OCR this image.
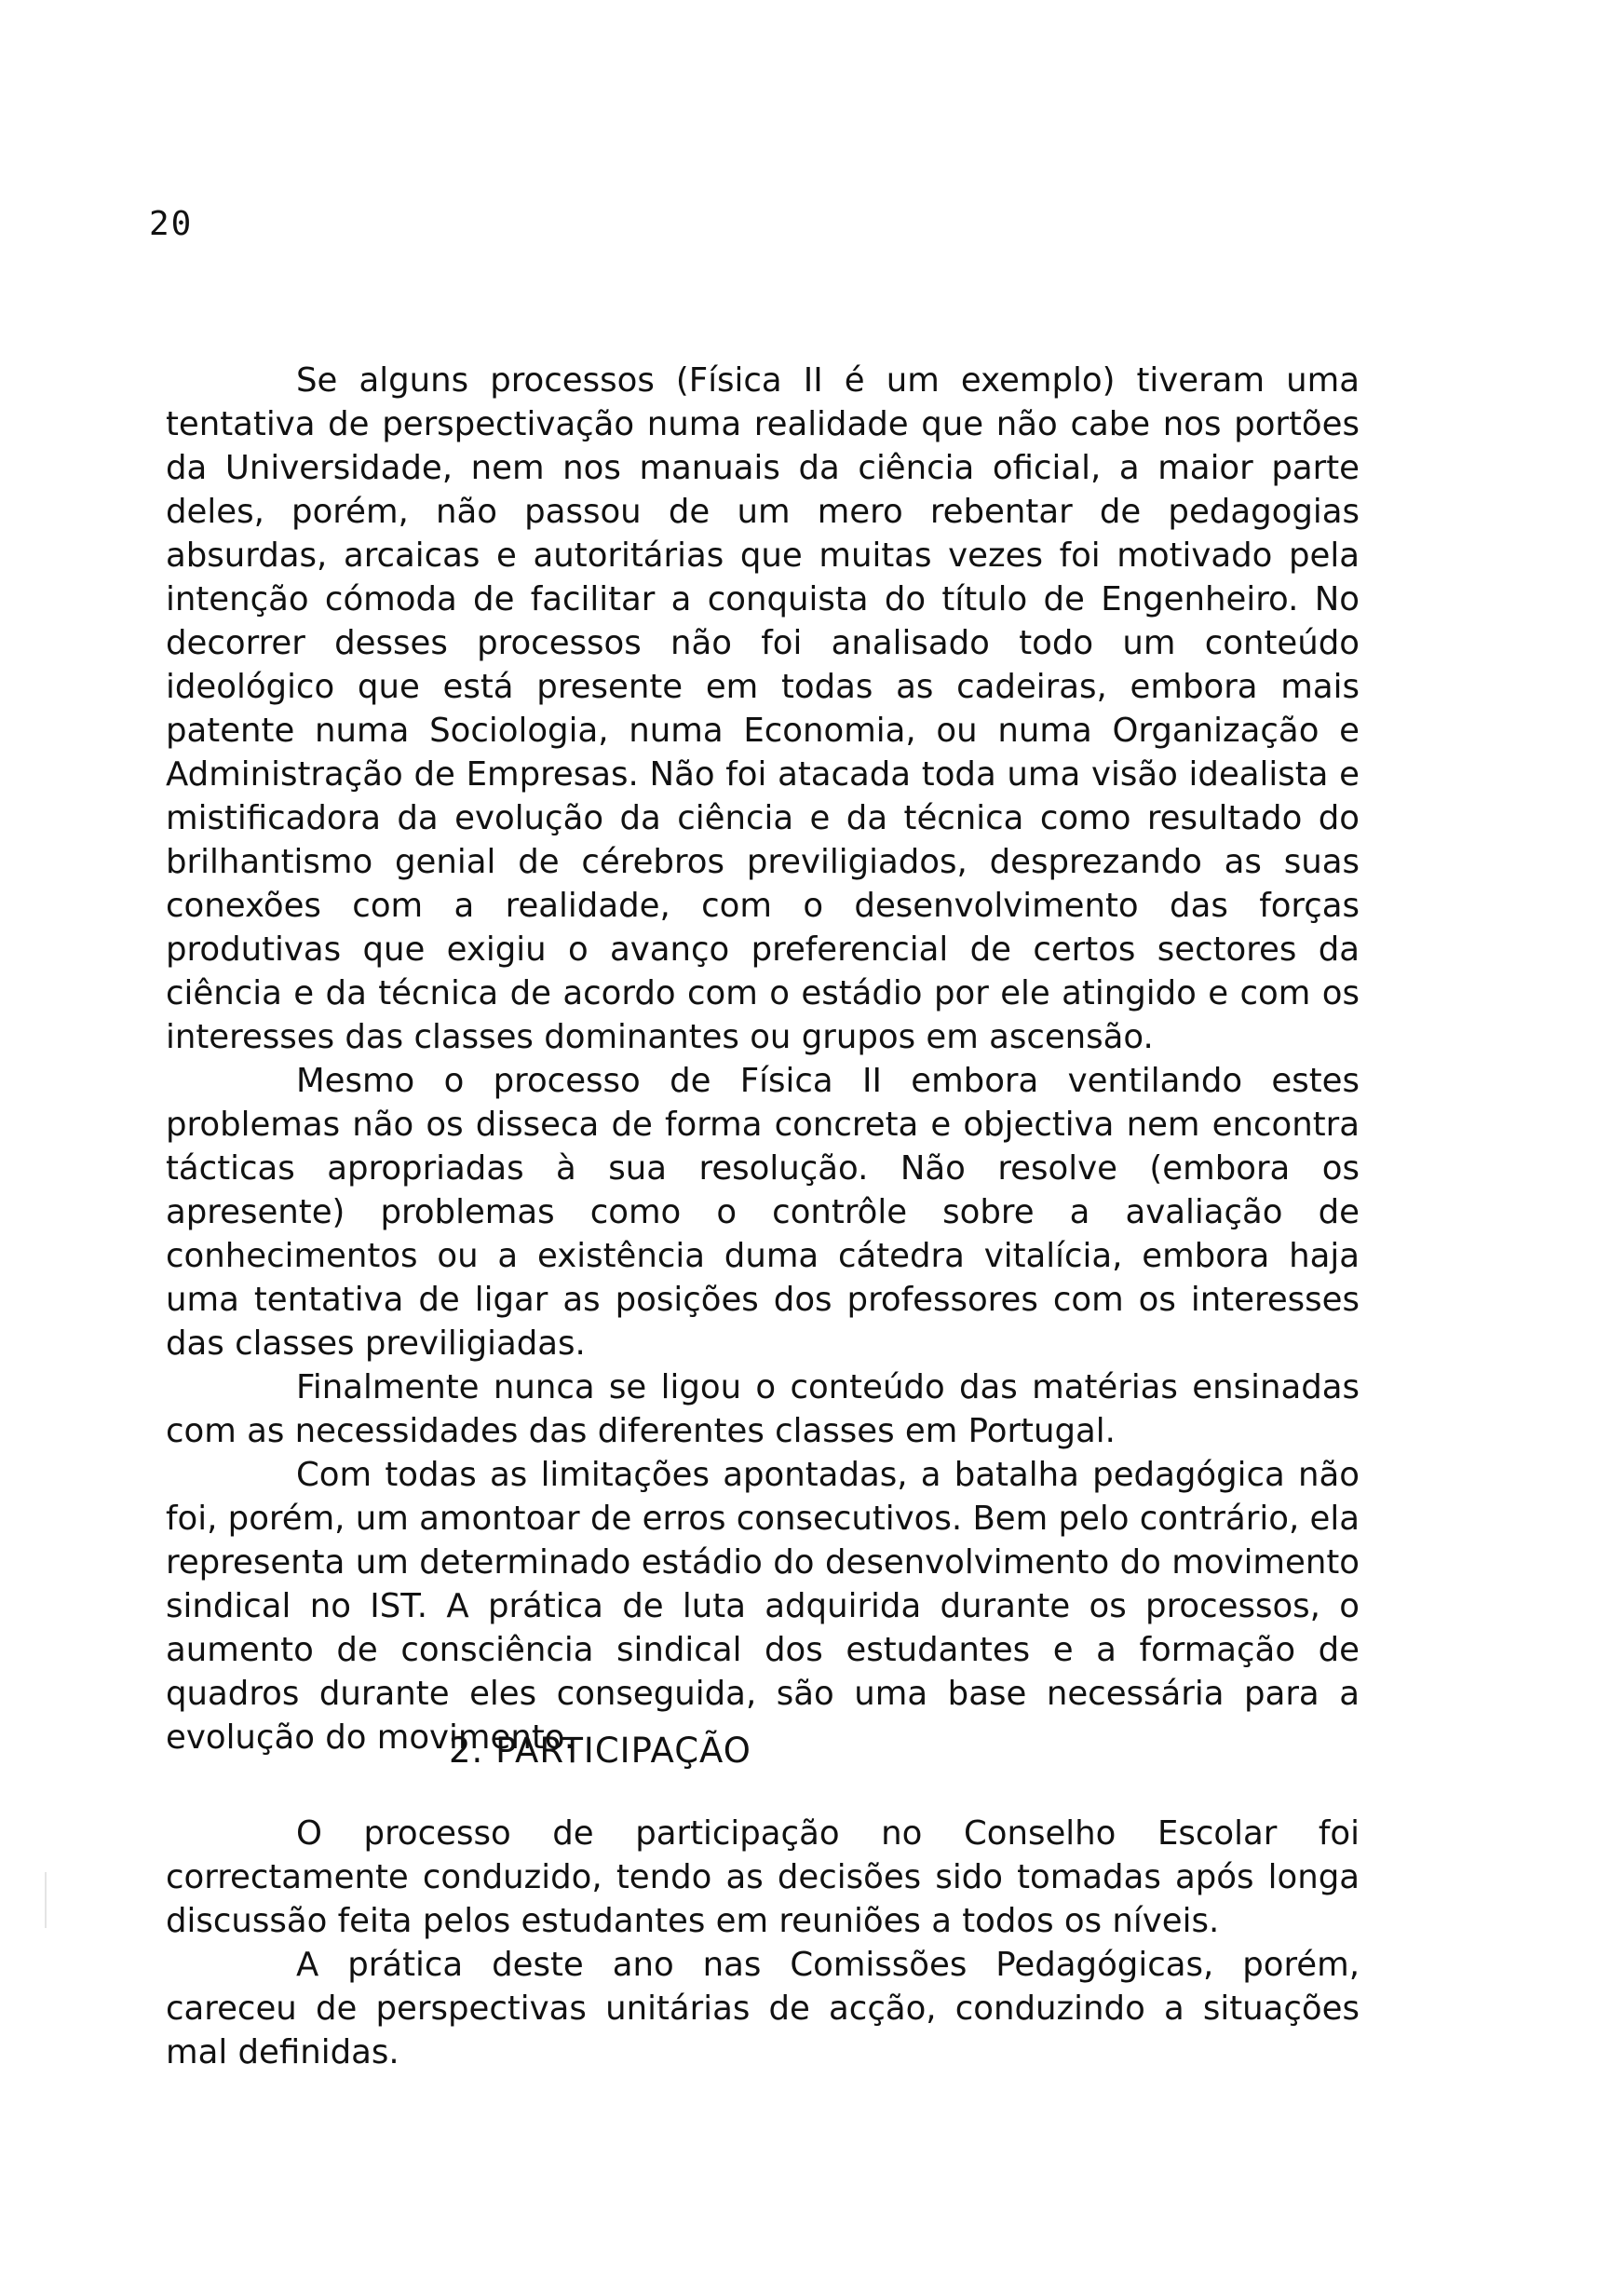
20

Se alguns processos (Física II é um exemplo) tiveram uma tentativa de perspectivação numa realidade que não cabe nos portões da Universidade, nem nos manuais da ciência oficial, a maior parte deles, porém, não passou de um mero rebentar de pedagogias absurdas, arcaicas e autoritárias que muitas vezes foi motivado pela intenção cómoda de facilitar a conquista do título de Engenheiro. No decorrer desses processos não foi analisado todo um conteúdo ideológico que está presente em todas as cadeiras, embora mais patente numa Sociologia, numa Economia, ou numa Organização e Administração de Empresas. Não foi atacada toda uma visão idealista e mistificadora da evolução da ciência e da técnica como resultado do brilhantismo genial de cérebros previligiados, desprezando as suas conexões com a realidade, com o desenvolvimento das forças produtivas que exigiu o avanço preferencial de certos sectores da ciência e da técnica de acordo com o estádio por ele atingido e com os interesses das classes dominantes ou grupos em ascensão.

Mesmo o processo de Física II embora ventilando estes problemas não os disseca de forma concreta e objectiva nem encontra tácticas apropriadas à sua resolução. Não resolve (embora os apresente) problemas como o contrôle sobre a avaliação de conhecimentos ou a existência duma cátedra vitalícia, embora haja uma tentativa de ligar as posições dos professores com os interesses das classes previligiadas.

Finalmente nunca se ligou o conteúdo das matérias ensinadas com as necessidades das diferentes classes em Portugal.

Com todas as limitações apontadas, a batalha pedagógica não foi, porém, um amontoar de erros consecutivos. Bem pelo contrário, ela representa um determinado estádio do desenvolvimento do movimento sindical no IST. A prática de luta adquirida durante os processos, o aumento de consciência sindical dos estudantes e a formação de quadros durante eles conseguida, são uma base necessária para a evolução do movimento.

2. PARTICIPAÇÃO

O processo de participação no Conselho Escolar foi correctamente conduzido, tendo as decisões sido tomadas após longa discussão feita pelos estudantes em reuniões a todos os níveis.

A prática deste ano nas Comissões Pedagógicas, porém, careceu de perspectivas unitárias de acção, conduzindo a situações mal definidas.
